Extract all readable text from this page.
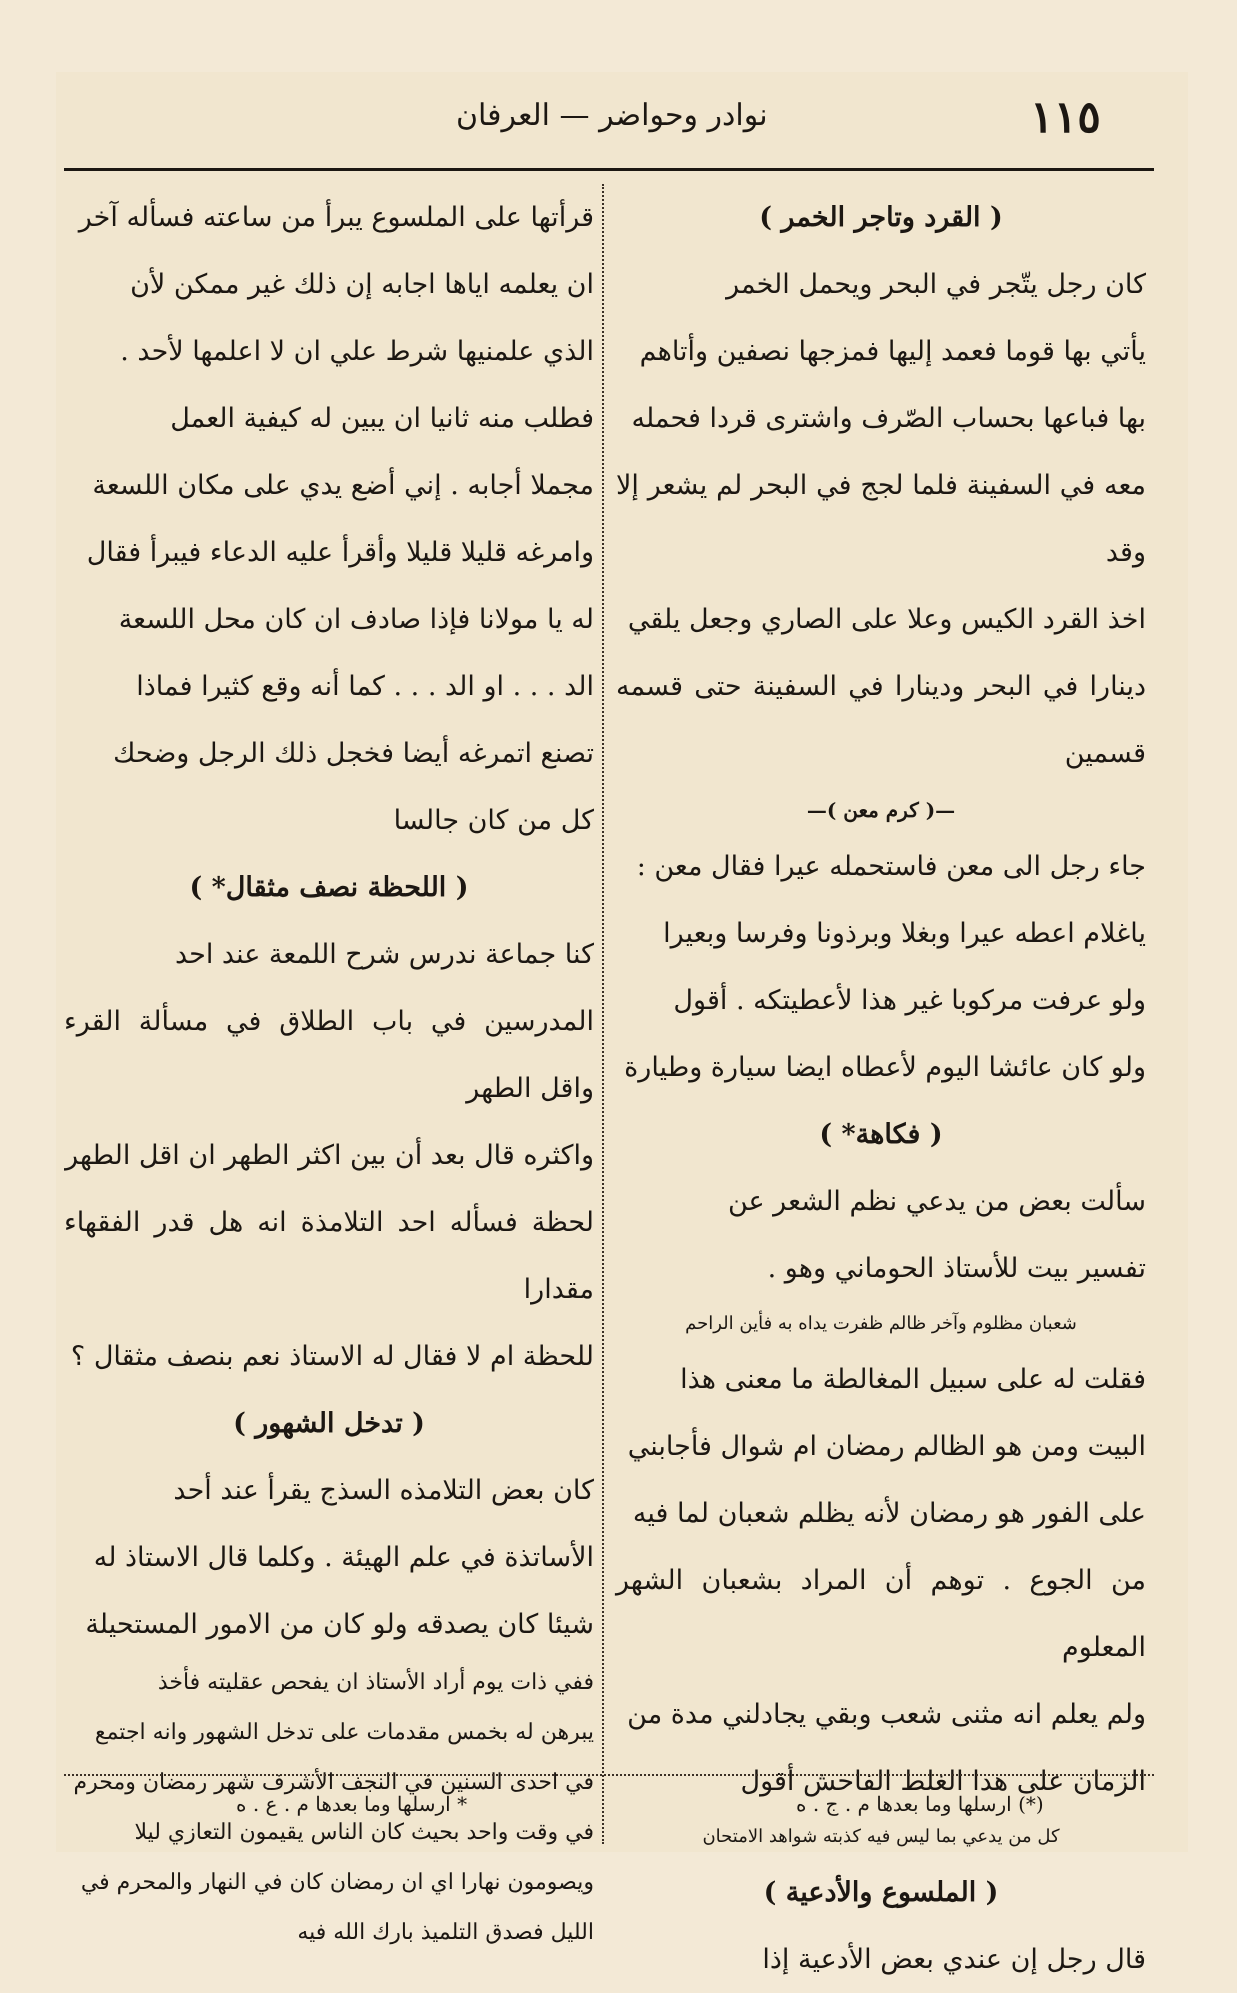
١١٥
نوادر وحواضر — العرفان

( القرد وتاجر الخمر )

كان رجل يتّجر في البحر ويحمل الخمر

يأتي بها قوما فعمد إليها فمزجها نصفين وأتاهم

بها فباعها بحساب الصّرف واشترى قردا فحمله

معه في السفينة فلما لجج في البحر لم يشعر إلا وقد

اخذ القرد الكيس وعلا على الصاري وجعل يلقي

دينارا في البحر ودينارا في السفينة حتى قسمه قسمين

—( كرم معن )—

جاء رجل الى معن فاستحمله عيرا فقال معن :

ياغلام اعطه عيرا وبغلا وبرذونا وفرسا وبعيرا

ولو عرفت مركوبا غير هذا لأعطيتكه . أقول

ولو كان عائشا اليوم لأعطاه ايضا سيارة وطيارة

( فكاهة* )

سألت بعض من يدعي نظم الشعر عن

تفسير بيت للأستاذ الحوماني وهو .

شعبان مظلوم وآخر ظالم ظفرت يداه به فأين الراحم

فقلت له على سبيل المغالطة ما معنى هذا

البيت ومن هو الظالم رمضان ام شوال فأجابني

على الفور هو رمضان لأنه يظلم شعبان لما فيه

من الجوع . توهم أن المراد بشعبان الشهر المعلوم

ولم يعلم انه مثنى شعب وبقي يجادلني مدة من

الزمان على هذا الغلط الفاحش أقول

كل من يدعي بما ليس فيه كذبته شواهد الامتحان

( الملسوع والأدعية )

قال رجل إن عندي بعض الأدعية إذا

قرأتها على الملسوع يبرأ من ساعته فسأله آخر

ان يعلمه اياها اجابه إن ذلك غير ممكن لأن

الذي علمنيها شرط علي ان لا اعلمها لأحد .

فطلب منه ثانيا ان يبين له كيفية العمل

مجملا أجابه . إني أضع يدي على مكان اللسعة

وامرغه قليلا قليلا وأقرأ عليه الدعاء فيبرأ فقال

له يا مولانا فإذا صادف ان كان محل اللسعة

الد . . . او الد . . . كما أنه وقع كثيرا فماذا

تصنع اتمرغه أيضا فخجل ذلك الرجل وضحك

كل من كان جالسا

( اللحظة نصف مثقال* )

كنا جماعة ندرس شرح اللمعة عند احد

المدرسين في باب الطلاق في مسألة القرء واقل الطهر

واكثره قال بعد أن بين اكثر الطهر ان اقل الطهر

لحظة فسأله احد التلامذة انه هل قدر الفقهاء مقدارا

للحظة ام لا فقال له الاستاذ نعم بنصف مثقال ؟

( تدخل الشهور )

كان بعض التلامذه السذج يقرأ عند أحد

الأساتذة في علم الهيئة . وكلما قال الاستاذ له

شيئا كان يصدقه ولو كان من الامور المستحيلة

ففي ذات يوم أراد الأستاذ ان يفحص عقليته فأخذ

يبرهن له بخمس مقدمات على تدخل الشهور وانه اجتمع

في احدى السنين في النجف الأشرف شهر رمضان ومحرم

في وقت واحد بحيث كان الناس يقيمون التعازي ليلا

ويصومون نهارا اي ان رمضان كان في النهار والمحرم في

الليل فصدق التلميذ بارك الله فيه

(*) ارسلها وما بعدها م . ج . ه
* ارسلها وما بعدها م . ع . ه
